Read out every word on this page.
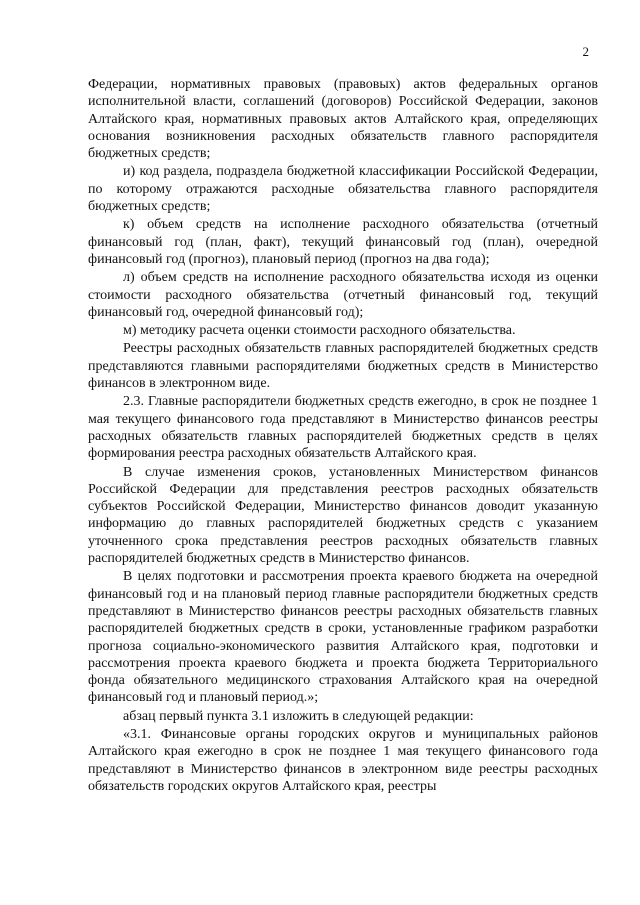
2

Федерации, нормативных правовых (правовых) актов федеральных органов исполнительной власти, соглашений (договоров) Российской Федерации, законов Алтайского края, нормативных правовых актов Алтайского края, определяющих основания возникновения расходных обязательств главного распорядителя бюджетных средств;

и) код раздела, подраздела бюджетной классификации Российской Федерации, по которому отражаются расходные обязательства главного распорядителя бюджетных средств;

к) объем средств на исполнение расходного обязательства (отчетный финансовый год (план, факт), текущий финансовый год (план), очередной финансовый год (прогноз), плановый период (прогноз на два года);

л) объем средств на исполнение расходного обязательства исходя из оценки стоимости расходного обязательства (отчетный финансовый год, текущий финансовый год, очередной финансовый год);

м) методику расчета оценки стоимости расходного обязательства.

Реестры расходных обязательств главных распорядителей бюджетных средств представляются главными распорядителями бюджетных средств в Министерство финансов в электронном виде.

2.3. Главные распорядители бюджетных средств ежегодно, в срок не позднее 1 мая текущего финансового года представляют в Министерство финансов реестры расходных обязательств главных распорядителей бюджетных средств в целях формирования реестра расходных обязательств Алтайского края.

В случае изменения сроков, установленных Министерством финансов Российской Федерации для представления реестров расходных обязательств субъектов Российской Федерации, Министерство финансов доводит указанную информацию до главных распорядителей бюджетных средств с указанием уточненного срока представления реестров расходных обязательств главных распорядителей бюджетных средств в Министерство финансов.

В целях подготовки и рассмотрения проекта краевого бюджета на очередной финансовый год и на плановый период главные распорядители бюджетных средств представляют в Министерство финансов реестры расходных обязательств главных распорядителей бюджетных средств в сроки, установленные графиком разработки прогноза социально-экономического развития Алтайского края, подготовки и рассмотрения проекта краевого бюджета и проекта бюджета Территориального фонда обязательного медицинского страхования Алтайского края на очередной финансовый год и плановый период.»;

абзац первый пункта 3.1 изложить в следующей редакции:

«3.1. Финансовые органы городских округов и муниципальных районов Алтайского края ежегодно в срок не позднее 1 мая текущего финансового года представляют в Министерство финансов в электронном виде реестры расходных обязательств городских округов Алтайского края, реестры
